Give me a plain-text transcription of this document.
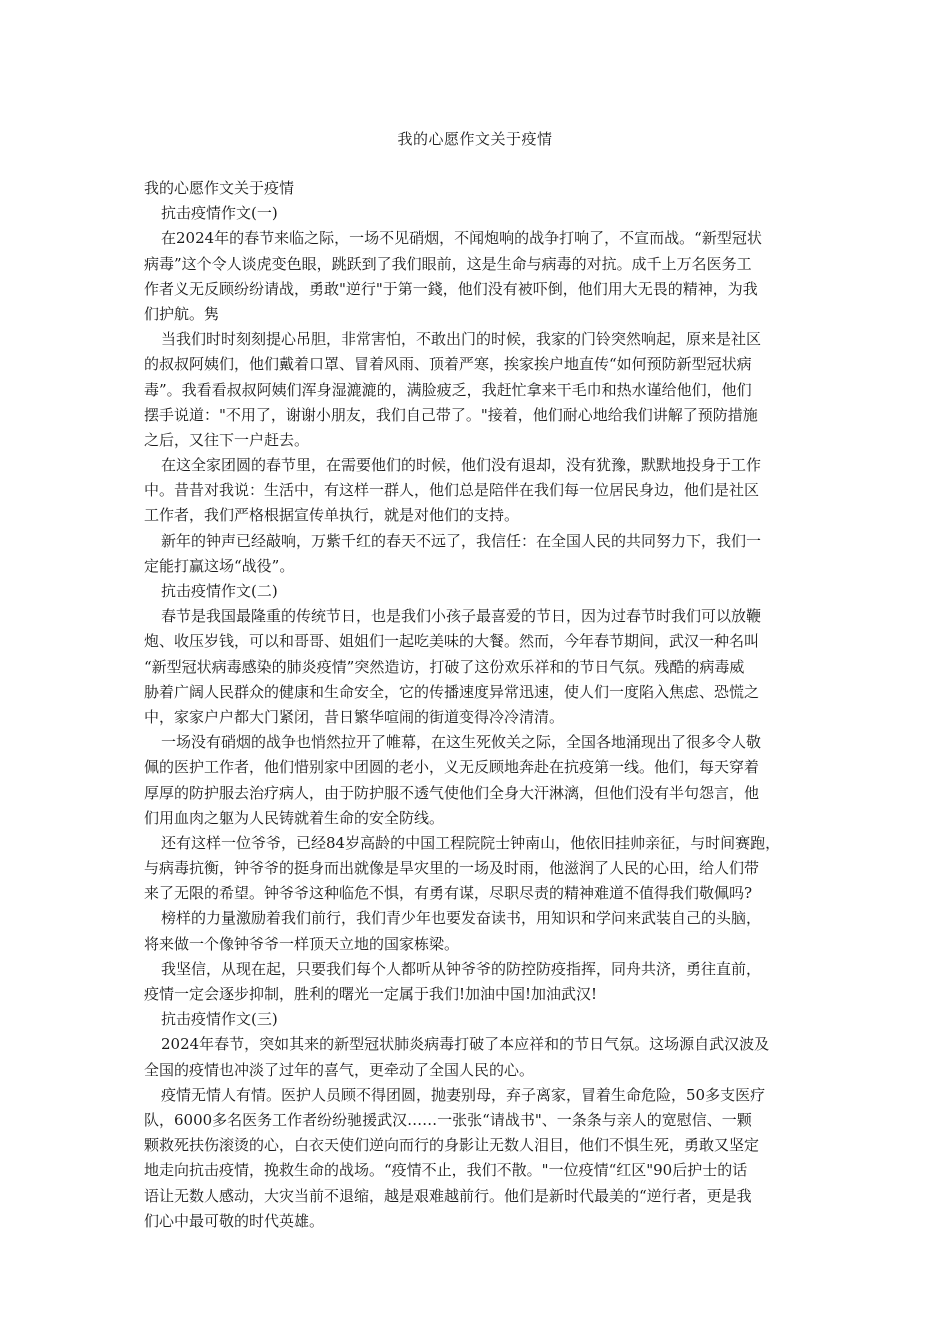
我的心愿作文关于疫情
我的心愿作文关于疫情
抗击疫情作文(一)
在2024年的春节来临之际，一场不见硝烟，不闻炮响的战争打响了，不宣而战。“新型冠状
病毒”这个令人谈虎变色眼，跳跃到了我们眼前，这是生命与病毒的对抗。成千上万名医务工
作者义无反顾纷纷请战，勇敢"逆行"于第一錢，他们没有被吓倒，他们用大无畏的精神，为我
们护航。隽
当我们时时刻刻提心吊胆，非常害怕，不敢出门的时候，我家的门铃突然响起，原来是社区
的叔叔阿姨们，他们戴着口罩、冒着风雨、顶着严寒，挨家挨户地直传“如何预防新型冠状病
毒”。我看看叔叔阿姨们浑身湿漉漉的，满脸疲乏，我赶忙拿来干毛巾和热水谨给他们，他们
摆手说道："不用了，谢谢小朋友，我们自己带了。"接着，他们耐心地给我们讲解了预防措施
之后，又往下一户赶去。
在这全家团圆的春节里，在需要他们的时候，他们没有退却，没有犹豫，默默地投身于工作
中。昔昔对我说：生活中，有这样一群人，他们总是陪伴在我们每一位居民身边，他们是社区
工作者，我们严格根据宣传单执行，就是对他们的支持。
新年的钟声已经敲响，万紫千红的春天不远了，我信任：在全国人民的共同努力下，我们一
定能打赢这场“战役”。
抗击疫情作文(二)
春节是我国最隆重的传统节日，也是我们小孩子最喜爱的节日，因为过春节时我们可以放鞭
炮、收压岁钱，可以和哥哥、姐姐们一起吃美味的大餐。然而，今年春节期间，武汉一种名叫
“新型冠状病毒感染的肺炎疫情”突然造访，打破了这份欢乐祥和的节日气氛。残酷的病毒威
胁着广阔人民群众的健康和生命安全，它的传播速度异常迅速，使人们一度陷入焦虑、恐慌之
中，家家户户都大门紧闭，昔日繁华喧闹的街道变得冷冷清清。
一场没有硝烟的战争也悄然拉开了帷幕，在这生死攸关之际，全国各地涌现出了很多令人敬
佩的医护工作者，他们惜别家中团圆的老小，义无反顾地奔赴在抗疫第一线。他们，每天穿着
厚厚的防护服去治疗病人，由于防护服不透气使他们全身大汗淋漓，但他们没有半句怨言，他
们用血肉之躯为人民铸就着生命的安全防线。
还有这样一位爷爷，已经84岁高龄的中国工程院院士钟南山，他依旧挂帅亲征，与时间赛跑，
与病毒抗衡，钟爷爷的挺身而出就像是旱灾里的一场及时雨，他滋润了人民的心田，给人们带
来了无限的希望。钟爷爷这种临危不惧，有勇有谋，尽职尽责的精神难道不值得我们敬佩吗?
榜样的力量激励着我们前行，我们青少年也要发奋读书，用知识和学问来武装自己的头脑，
将来做一个像钟爷爷一样顶天立地的国家栋梁。
我坚信，从现在起，只要我们每个人都听从钟爷爷的防控防疫指挥，同舟共济，勇往直前，
疫情一定会逐步抑制，胜利的曙光一定属于我们!加油中国!加油武汉!
抗击疫情作文(三)
2024年春节，突如其来的新型冠状肺炎病毒打破了本应祥和的节日气氛。这场源自武汉波及
全国的疫情也冲淡了过年的喜气，更牵动了全国人民的心。
疫情无情人有情。医护人员顾不得团圆，抛妻别母，弃子离家，冒着生命危险，50多支医疗
队，6000多名医务工作者纷纷驰援武汉……一张张“请战书"、一条条与亲人的宽慰信、一颗
颗救死扶伤滚烫的心，白衣天使们逆向而行的身影让无数人泪目，他们不惧生死，勇敢又坚定
地走向抗击疫情，挽救生命的战场。“疫情不止，我们不散。"一位疫情“红区"90后护士的话
语让无数人感动，大灾当前不退缩，越是艰难越前行。他们是新时代最美的“逆行者，更是我
们心中最可敬的时代英雄。
